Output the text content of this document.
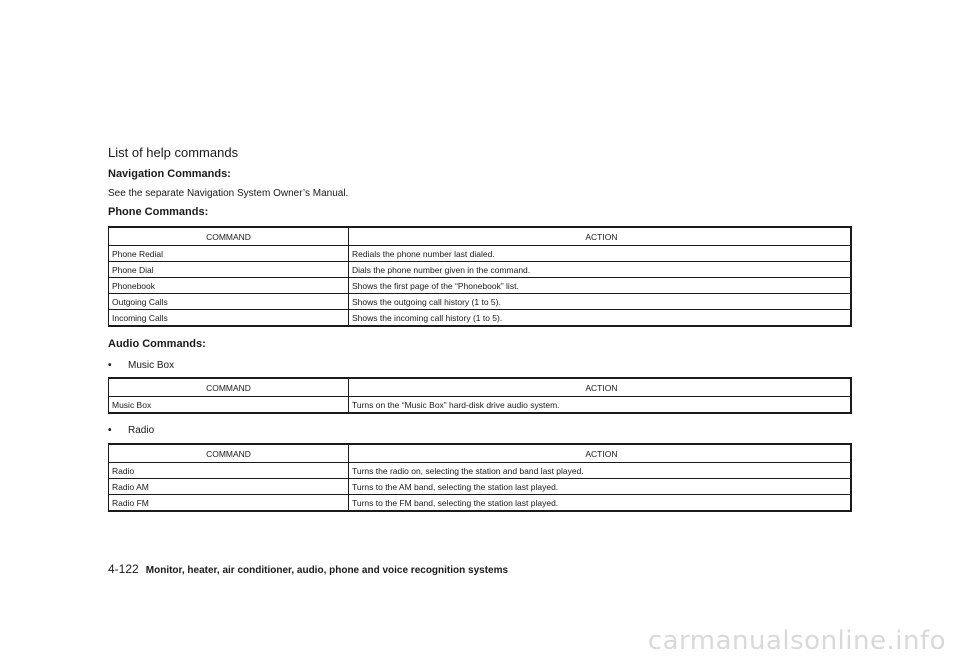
List of help commands

Navigation Commands:

See the separate Navigation System Owner’s Manual.

Phone Commands:

COMMAND	ACTION
Phone Redial	Redials the phone number last dialed.
Phone Dial	Dials the phone number given in the command.
Phonebook	Shows the first page of the “Phonebook” list.
Outgoing Calls	Shows the outgoing call history (1 to 5).
Incoming Calls	Shows the incoming call history (1 to 5).

Audio Commands:

• Music Box

COMMAND	ACTION
Music Box	Turns on the “Music Box” hard-disk drive audio system.

• Radio

COMMAND	ACTION
Radio	Turns the radio on, selecting the station and band last played.
Radio AM	Turns to the AM band, selecting the station last played.
Radio FM	Turns to the FM band, selecting the station last played.

4-122 Monitor, heater, air conditioner, audio, phone and voice recognition systems

carmanualsonline.info
